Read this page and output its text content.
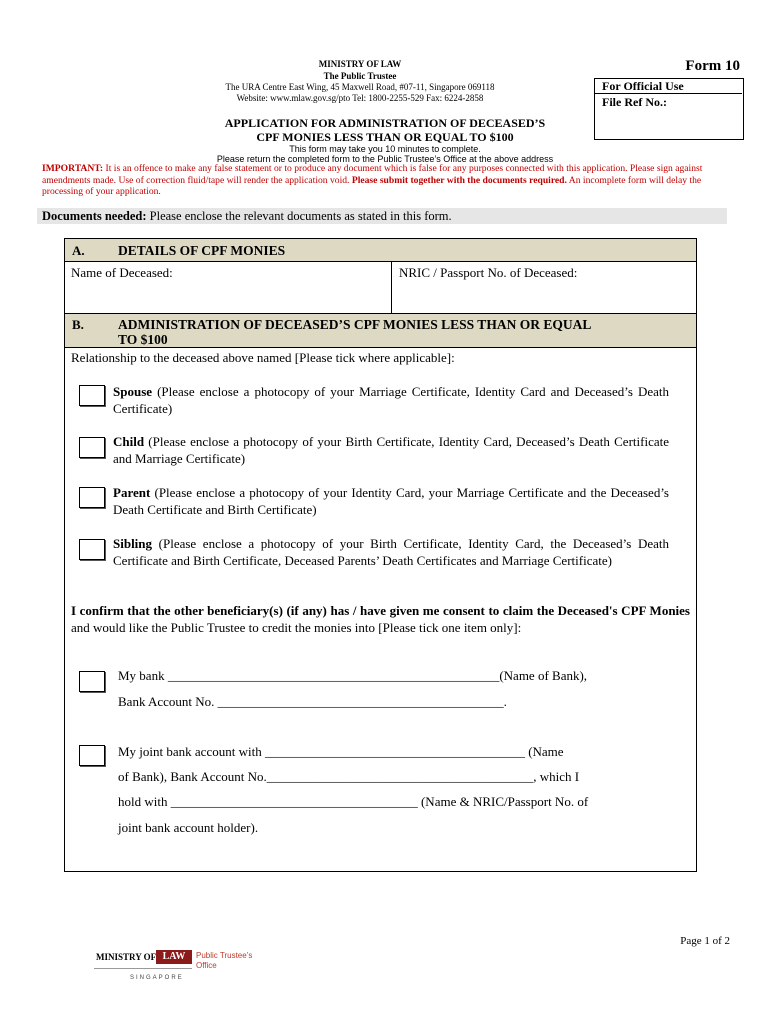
MINISTRY OF LAW
The Public Trustee
The URA Centre East Wing, 45 Maxwell Road, #07-11, Singapore 069118
Website: www.mlaw.gov.sg/pto Tel: 1800-2255-529 Fax: 6224-2858
Form 10
For Official Use
File Ref No.:
APPLICATION FOR ADMINISTRATION OF DECEASED’S
CPF MONIES LESS THAN OR EQUAL TO $100
This form may take you 10 minutes to complete.
Please return the completed form to the Public Trustee’s Office at the above address
IMPORTANT: It is an offence to make any false statement or to produce any document which is false for any purposes connected with this application. Please sign against amendments made. Use of correction fluid/tape will render the application void. Please submit together with the documents required. An incomplete form will delay the processing of your application.
Documents needed: Please enclose the relevant documents as stated in this form.
A. DETAILS OF CPF MONIES
Name of Deceased:	NRIC / Passport No. of Deceased:
B.	ADMINISTRATION OF DECEASED’S CPF MONIES LESS THAN OR EQUAL
TO $100
Relationship to the deceased above named [Please tick where applicable]:
Spouse (Please enclose a photocopy of your Marriage Certificate, Identity Card and Deceased’s Death Certificate)
Child (Please enclose a photocopy of your Birth Certificate, Identity Card, Deceased’s Death Certificate and Marriage Certificate)
Parent (Please enclose a photocopy of your Identity Card, your Marriage Certificate and the Deceased’s Death Certificate and Birth Certificate)
Sibling (Please enclose a photocopy of your Birth Certificate, Identity Card, the Deceased’s Death Certificate and Birth Certificate, Deceased Parents’ Death Certificates and Marriage Certificate)
I confirm that the other beneficiary(s) (if any) has / have given me consent to claim the Deceased's CPF Monies and would like the Public Trustee to credit the monies into [Please tick one item only]:
My bank ___________________________________________________(Name of Bank),
Bank Account No. ____________________________________________.
My joint bank account with ________________________________________ (Name
of Bank), Bank Account No._________________________________________, which I
hold with ______________________________________ (Name & NRIC/Passport No. of
joint bank account holder).
Page 1 of 2
MINISTRY OF LAW	Public Trustee’s
Office
SINGAPORE
